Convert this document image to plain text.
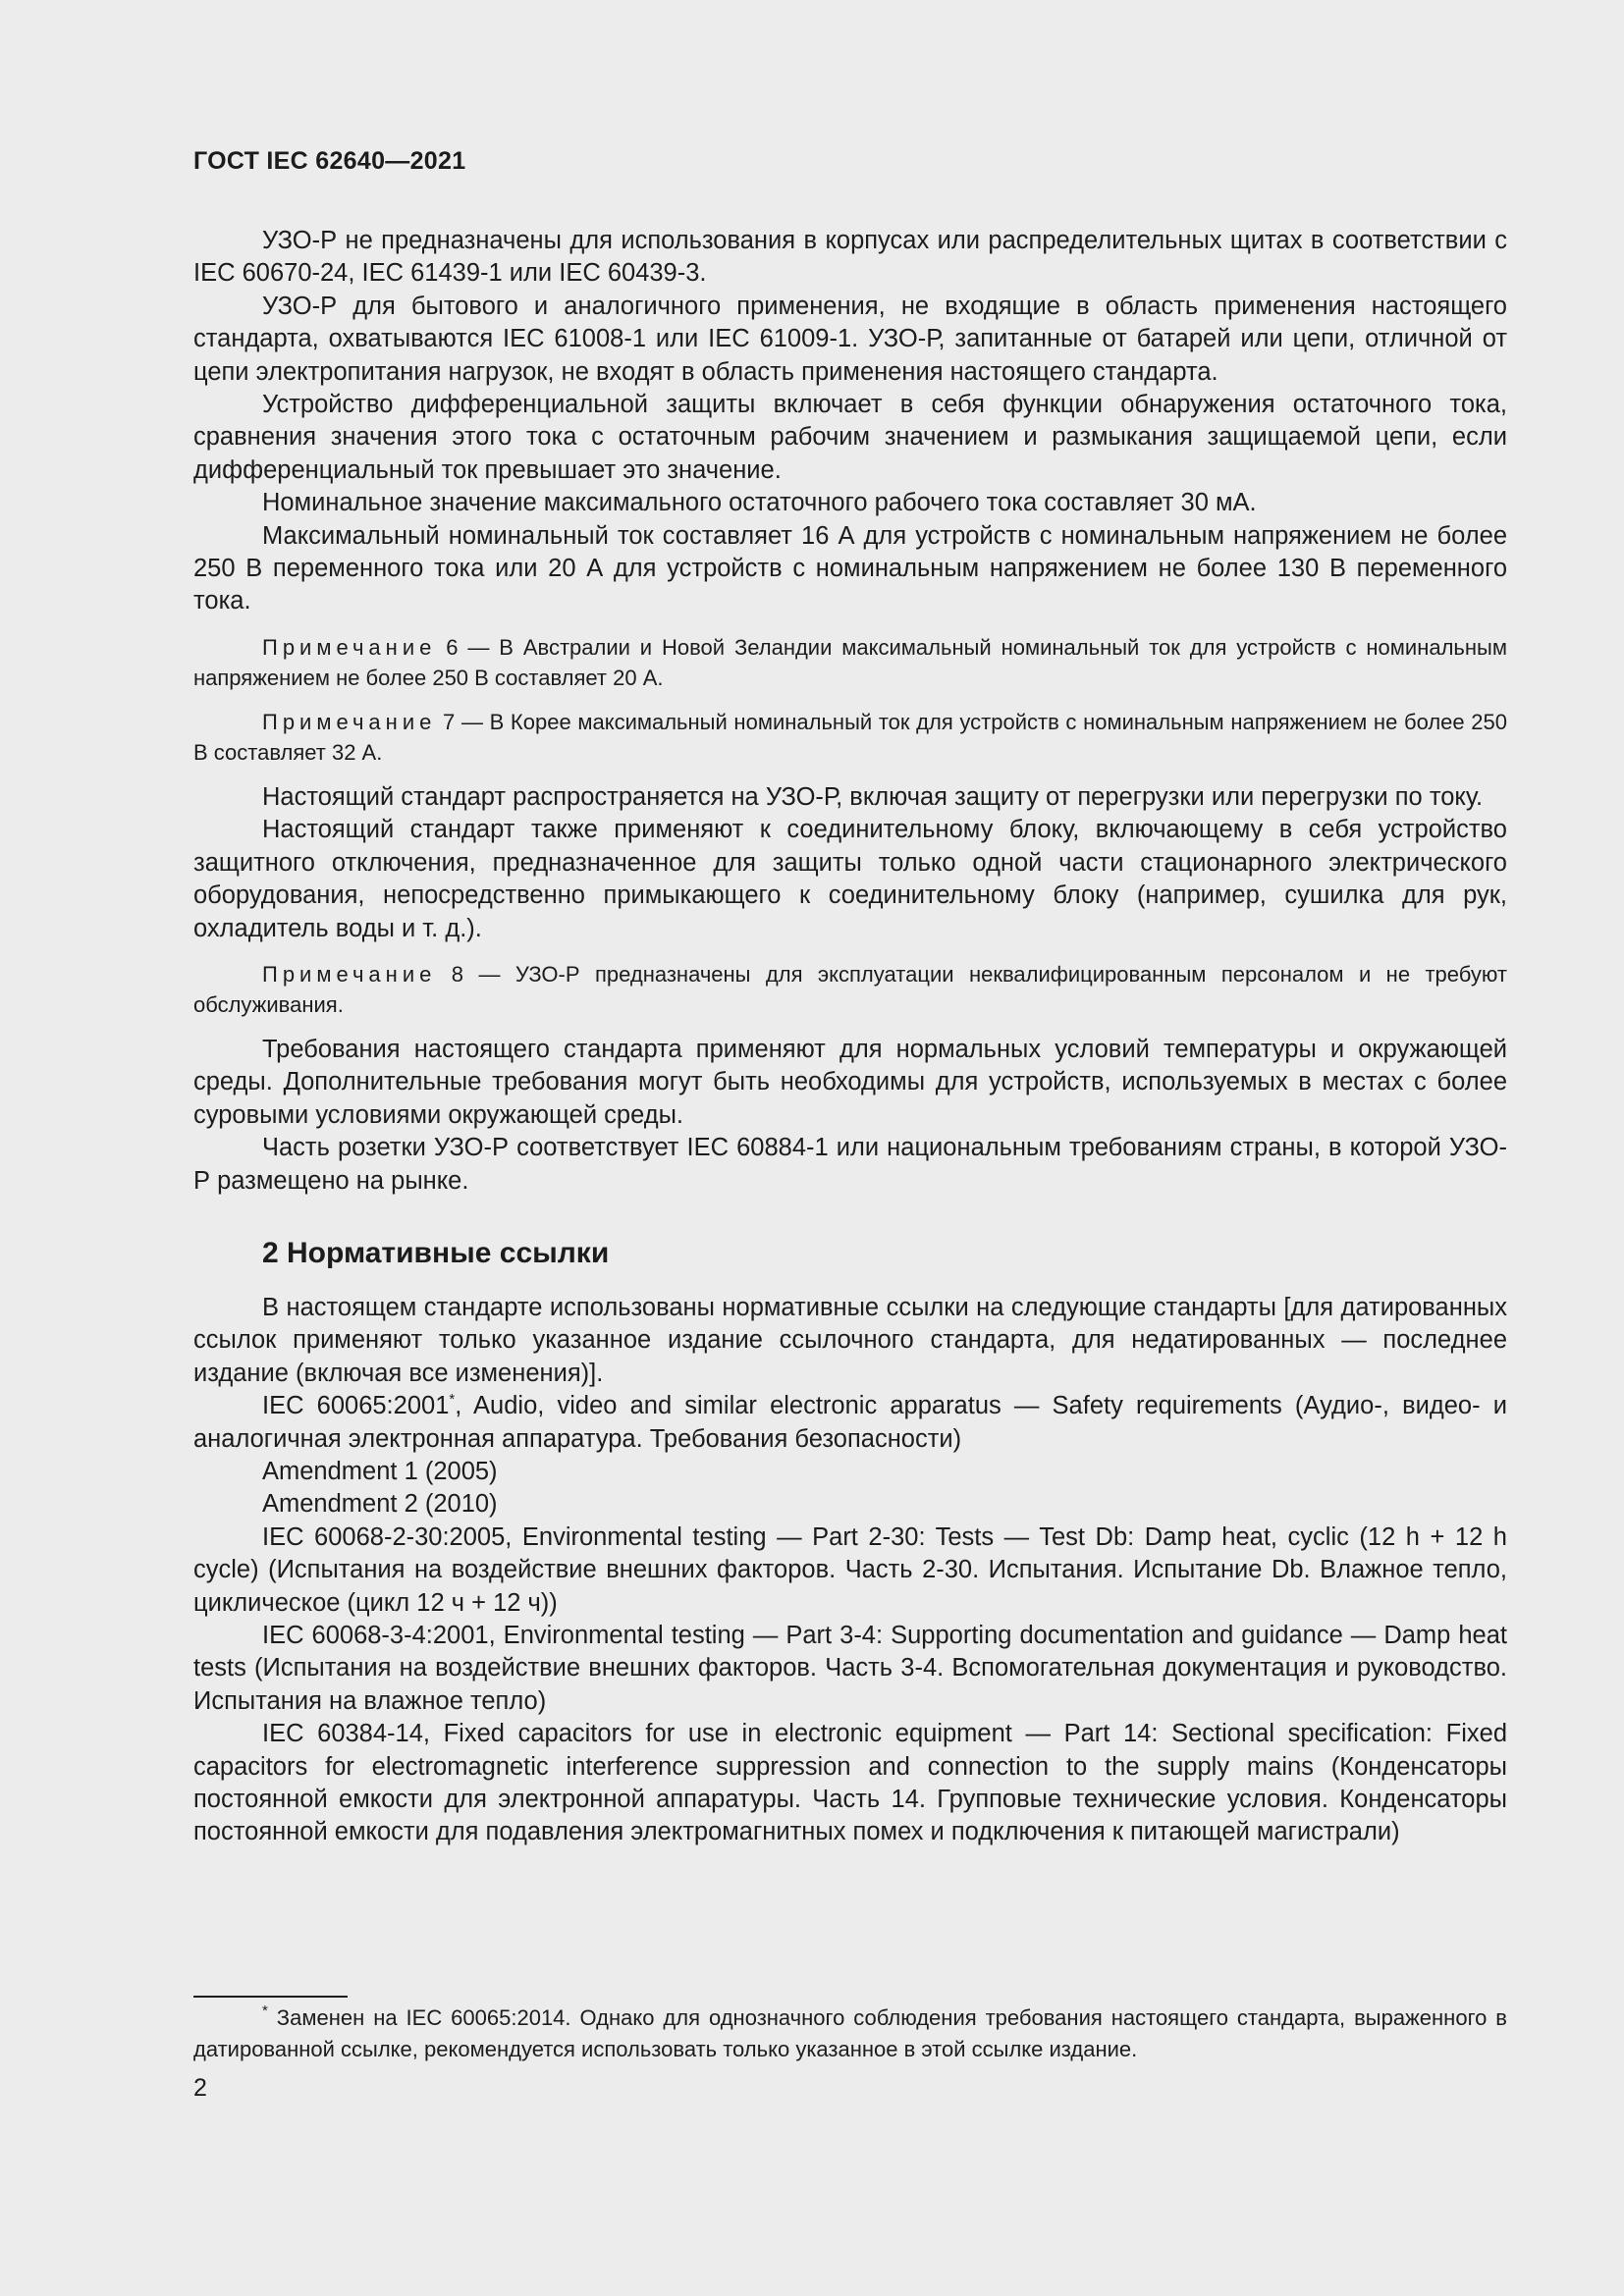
ГОСТ IEC 62640—2021

УЗО-Р не предназначены для использования в корпусах или распределительных щитах в соответствии с IEC 60670-24, IEC 61439-1 или IEC 60439-3.

УЗО-Р для бытового и аналогичного применения, не входящие в область применения настоящего стандарта, охватываются IEC 61008-1 или IEC 61009-1. УЗО-Р, запитанные от батарей или цепи, отличной от цепи электропитания нагрузок, не входят в область применения настоящего стандарта.

Устройство дифференциальной защиты включает в себя функции обнаружения остаточного тока, сравнения значения этого тока с остаточным рабочим значением и размыкания защищаемой цепи, если дифференциальный ток превышает это значение.

Номинальное значение максимального остаточного рабочего тока составляет 30 мА.

Максимальный номинальный ток составляет 16 А для устройств с номинальным напряжением не более 250 В переменного тока или 20 А для устройств с номинальным напряжением не более 130 В переменного тока.

Примечание 6 — В Австралии и Новой Зеландии максимальный номинальный ток для устройств с номинальным напряжением не более 250 В составляет 20 А.

Примечание 7 — В Корее максимальный номинальный ток для устройств с номинальным напряжением не более 250 В составляет 32 А.

Настоящий стандарт распространяется на УЗО-Р, включая защиту от перегрузки или перегрузки по току.

Настоящий стандарт также применяют к соединительному блоку, включающему в себя устройство защитного отключения, предназначенное для защиты только одной части стационарного электрического оборудования, непосредственно примыкающего к соединительному блоку (например, сушилка для рук, охладитель воды и т. д.).

Примечание 8 — УЗО-Р предназначены для эксплуатации неквалифицированным персоналом и не требуют обслуживания.

Требования настоящего стандарта применяют для нормальных условий температуры и окружающей среды. Дополнительные требования могут быть необходимы для устройств, используемых в местах с более суровыми условиями окружающей среды.

Часть розетки УЗО-Р соответствует IEC 60884-1 или национальным требованиям страны, в которой УЗО-Р размещено на рынке.

2 Нормативные ссылки

В настоящем стандарте использованы нормативные ссылки на следующие стандарты [для датированных ссылок применяют только указанное издание ссылочного стандарта, для недатированных — последнее издание (включая все изменения)].

IEC 60065:2001*, Audio, video and similar electronic apparatus — Safety requirements (Аудио-, видео- и аналогичная электронная аппаратура. Требования безопасности)

Amendment 1 (2005)

Amendment 2 (2010)

IEC 60068-2-30:2005, Environmental testing — Part 2-30: Tests — Test Db: Damp heat, cyclic (12 h + 12 h cycle) (Испытания на воздействие внешних факторов. Часть 2-30. Испытания. Испытание Db. Влажное тепло, циклическое (цикл 12 ч + 12 ч))

IEC 60068-3-4:2001, Environmental testing — Part 3-4: Supporting documentation and guidance — Damp heat tests (Испытания на воздействие внешних факторов. Часть 3-4. Вспомогательная документация и руководство. Испытания на влажное тепло)

IEC 60384-14, Fixed capacitors for use in electronic equipment — Part 14: Sectional specification: Fixed capacitors for electromagnetic interference suppression and connection to the supply mains (Конденсаторы постоянной емкости для электронной аппаратуры. Часть 14. Групповые технические условия. Конденсаторы постоянной емкости для подавления электромагнитных помех и подключения к питающей магистрали)

* Заменен на IEC 60065:2014. Однако для однозначного соблюдения требования настоящего стандарта, выраженного в датированной ссылке, рекомендуется использовать только указанное в этой ссылке издание.

2
